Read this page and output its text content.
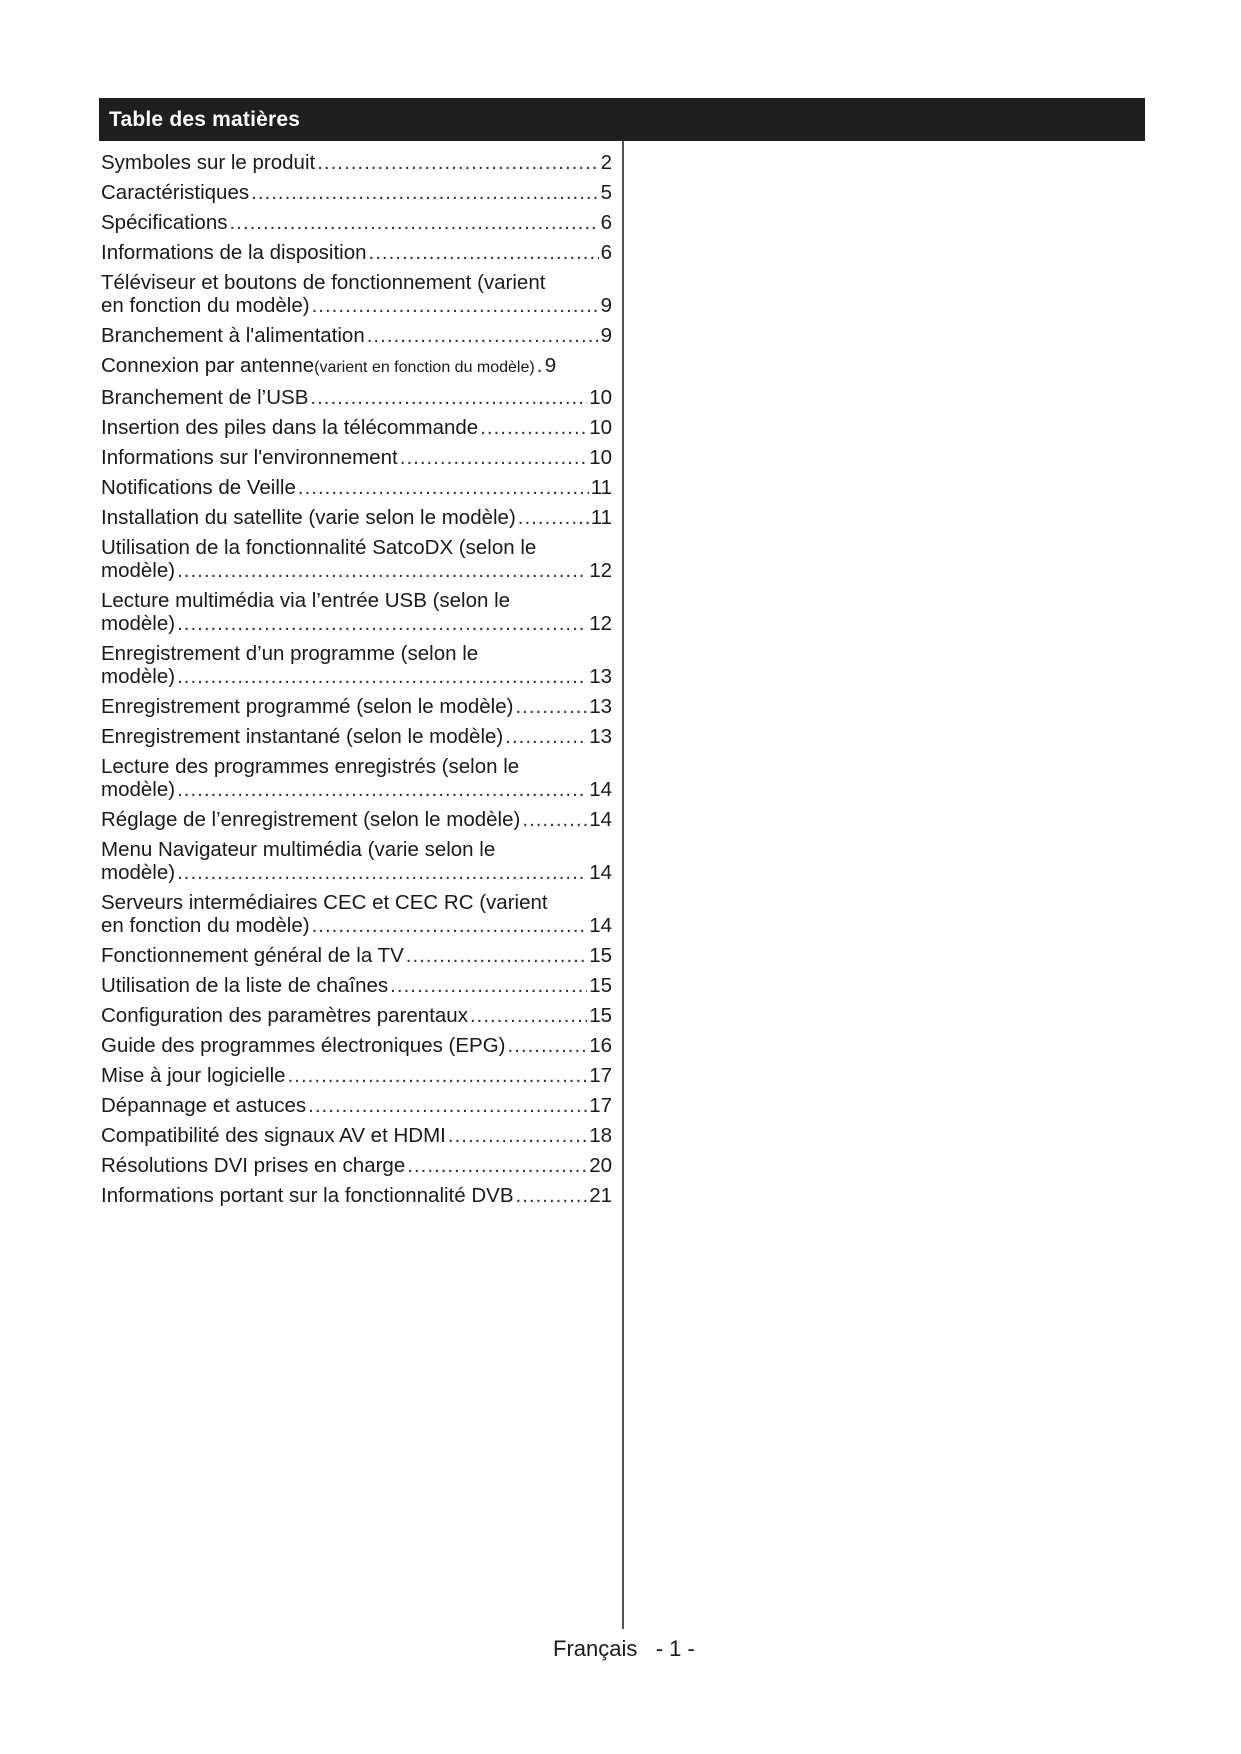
Table des matières
Symboles sur le produit .....	2
Caractéristiques .....	5
Spécifications .....	6
Informations de la disposition .....	6
Téléviseur et boutons de fonctionnement (varient
en fonction du modèle) .....	9
Branchement à l'alimentation .....	9
Connexion par antenne(varient en fonction du modèle) ..... 9
Branchement de l’USB .....	10
Insertion des piles dans la télécommande .....	10
Informations sur l'environnement .....	10
Notifications de Veille .....	11
Installation du satellite (varie selon le modèle) .....	11
Utilisation de la fonctionnalité SatcoDX (selon le
modèle) .....	12
Lecture multimédia via l’entrée USB (selon le
modèle) .....	12
Enregistrement d’un programme (selon le
modèle) .....	13
Enregistrement programmé (selon le modèle) .....	13
Enregistrement instantané (selon le modèle) .....	13
Lecture des programmes enregistrés (selon le
modèle) .....	14
Réglage de l’enregistrement (selon le modèle) .....	14
Menu Navigateur multimédia (varie selon le
modèle) .....	14
Serveurs intermédiaires CEC et CEC RC (varient
en fonction du modèle) .....	14
Fonctionnement général de la TV .....	15
Utilisation de la liste de chaînes .....	15
Configuration des paramètres parentaux .....	15
Guide des programmes électroniques (EPG) .....	16
Mise à jour logicielle .....	17
Dépannage et astuces .....	17
Compatibilité des signaux AV et HDMI .....	18
Résolutions DVI prises en charge .....	20
Informations portant sur la fonctionnalité DVB .....	21
Français - 1 -
